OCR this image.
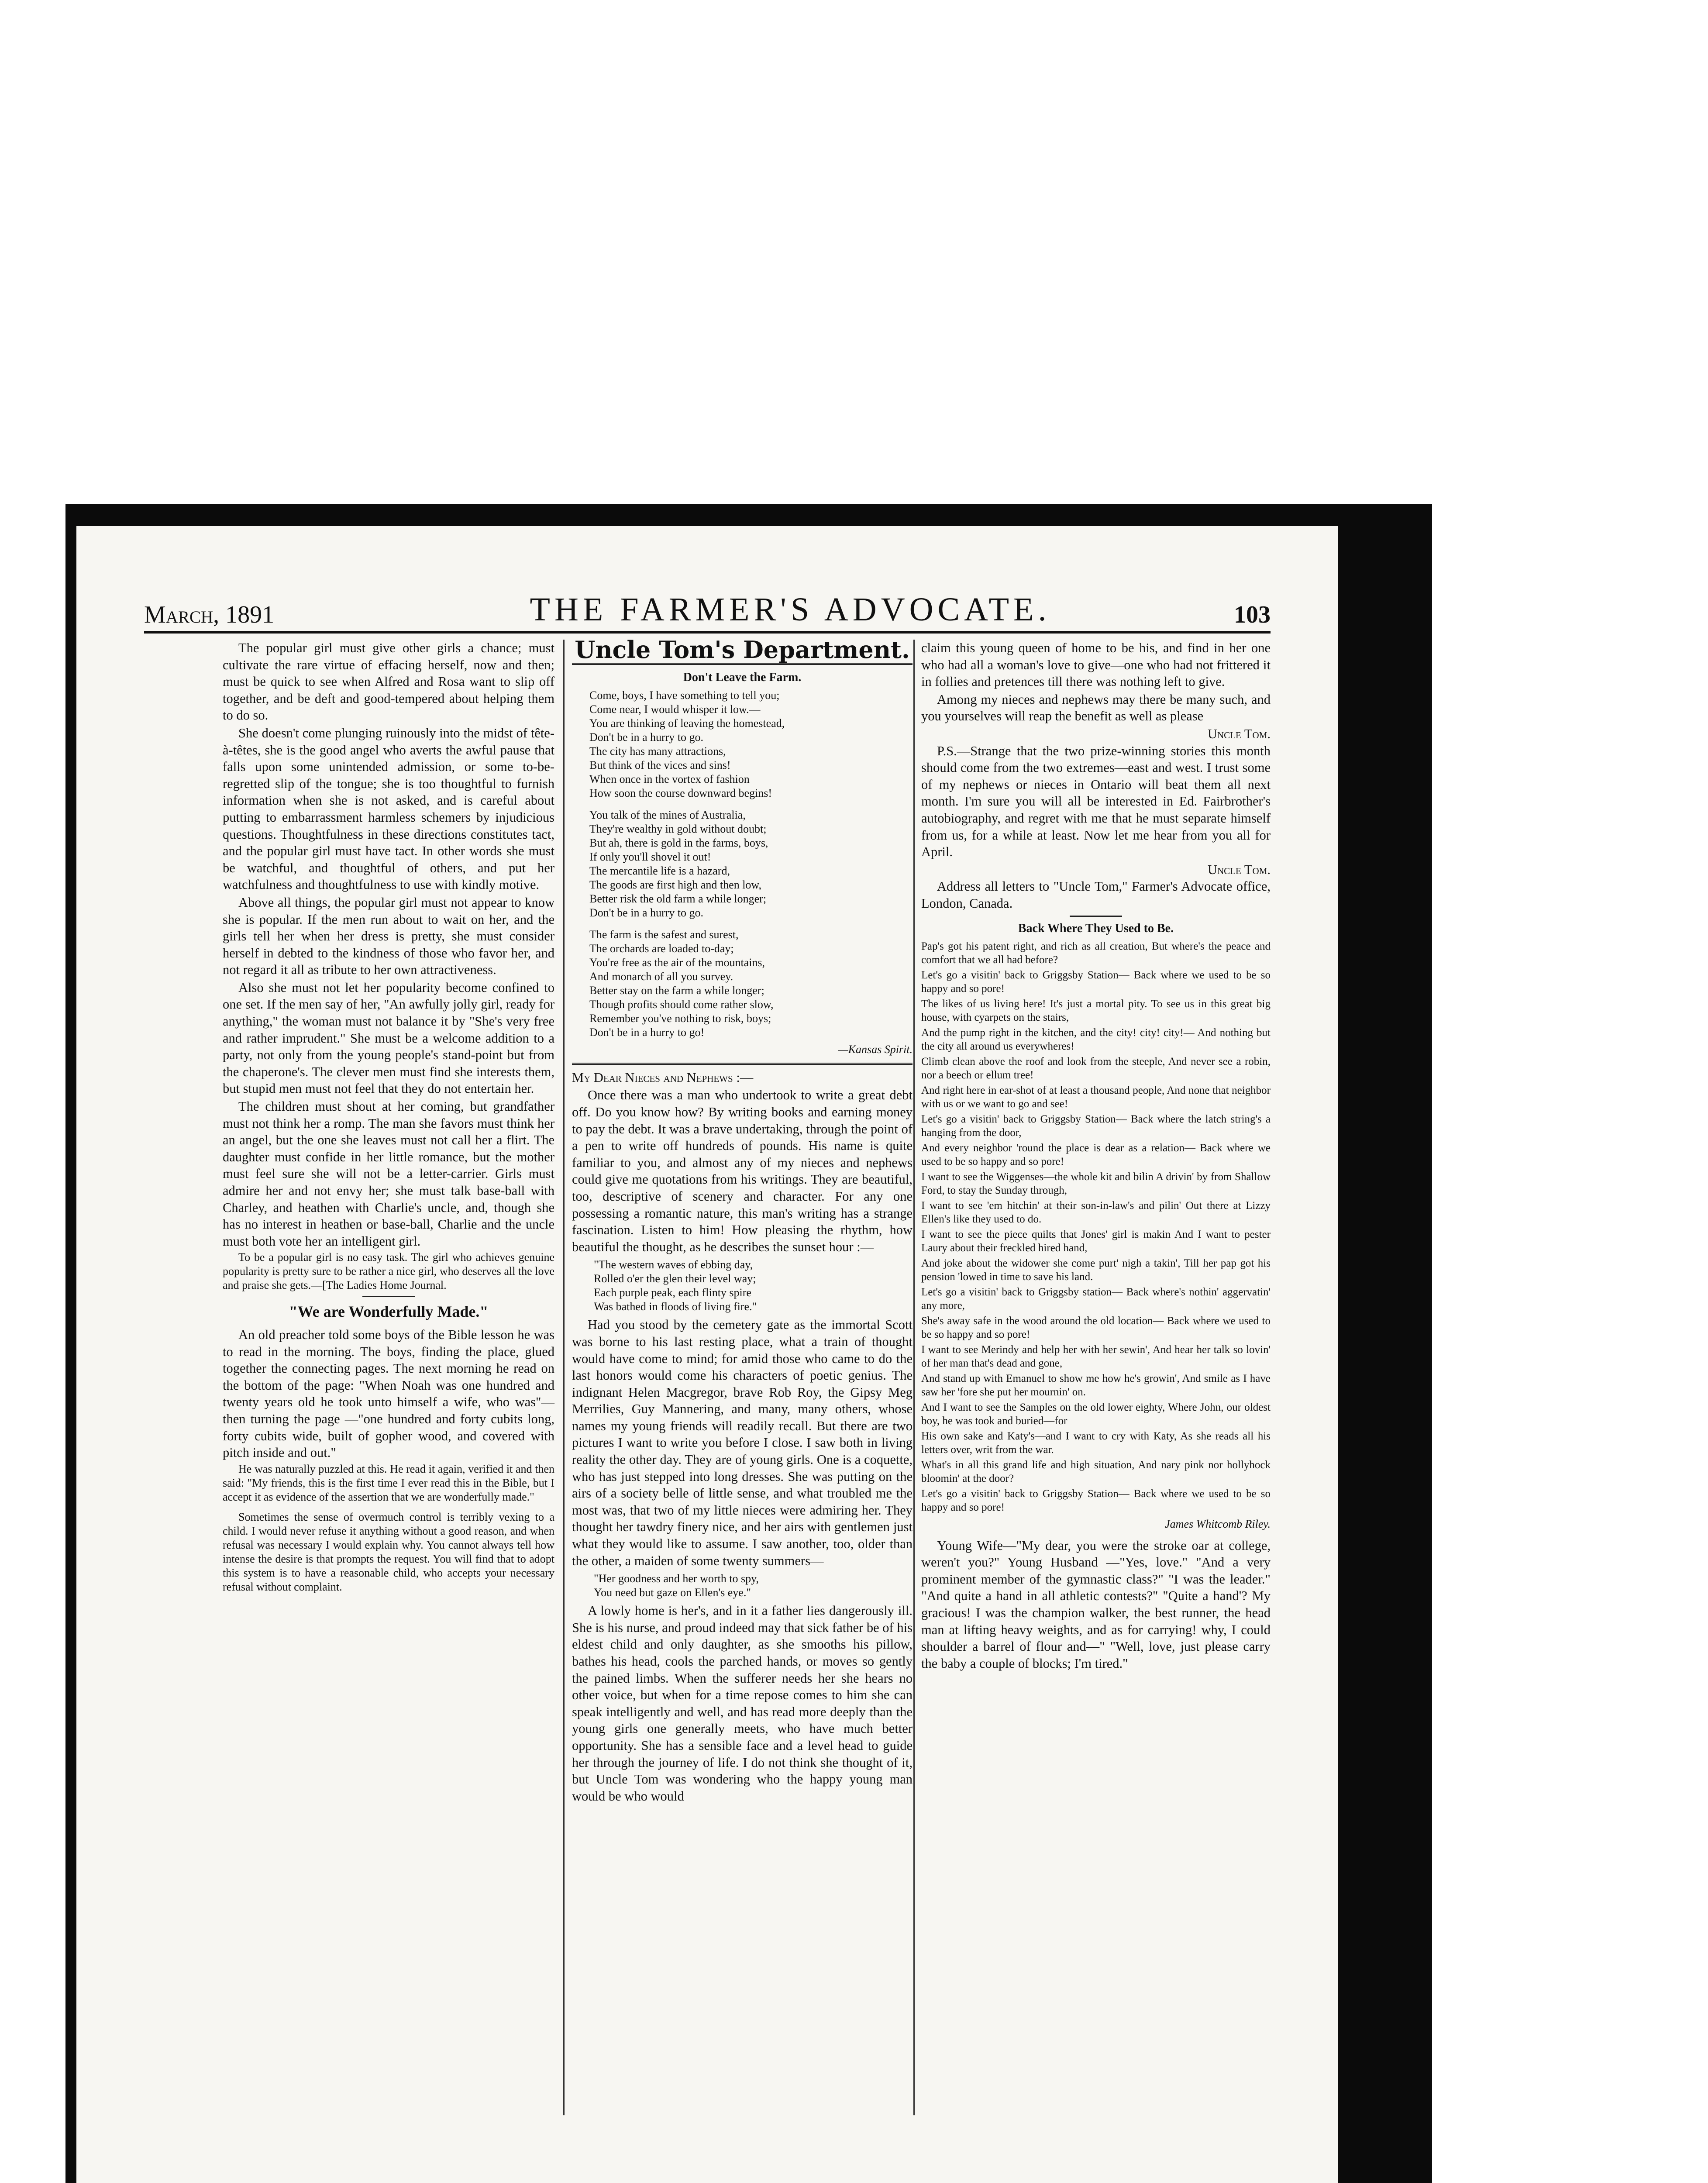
March, 1891	THE FARMER'S ADVOCATE.	103

The popular girl must give other girls a chance; must cultivate the rare virtue of effacing herself, now and then; must be quick to see when Alfred and Rosa want to slip off together, and be deft and good-tempered about helping them to do so.

She doesn't come plunging ruinously into the midst of tête-à-têtes, she is the good angel who averts the awful pause that falls upon some unintended admission, or some to-be-regretted slip of the tongue; she is too thoughtful to furnish information when she is not asked, and is careful about putting to embarrassment harmless schemers by injudicious questions. Thoughtfulness in these directions constitutes tact, and the popular girl must have tact. In other words she must be watchful, and thoughtful of others, and put her watchfulness and thoughtfulness to use with kindly motive.

Above all things, the popular girl must not appear to know she is popular. If the men run about to wait on her, and the girls tell her when her dress is pretty, she must consider herself in debted to the kindness of those who favor her, and not regard it all as tribute to her own attractiveness.

Also she must not let her popularity become confined to one set. If the men say of her, "An awfully jolly girl, ready for anything," the woman must not balance it by "She's very free and rather imprudent." She must be a welcome addition to a party, not only from the young people's stand-point but from the chaperone's. The clever men must find she interests them, but stupid men must not feel that they do not entertain her.

The children must shout at her coming, but grandfather must not think her a romp. The man she favors must think her an angel, but the one she leaves must not call her a flirt. The daughter must confide in her little romance, but the mother must feel sure she will not be a letter-carrier. Girls must admire her and not envy her; she must talk base-ball with Charley, and heathen with Charlie's uncle, and, though she has no interest in heathen or base-ball, Charlie and the uncle must both vote her an intelligent girl.

To be a popular girl is no easy task. The girl who achieves genuine popularity is pretty sure to be rather a nice girl, who deserves all the love and praise she gets.—[The Ladies Home Journal.

"We are Wonderfully Made."

An old preacher told some boys of the Bible lesson he was to read in the morning. The boys, finding the place, glued together the connecting pages. The next morning he read on the bottom of the page: "When Noah was one hundred and twenty years old he took unto himself a wife, who was"—then turning the page —"one hundred and forty cubits long, forty cubits wide, built of gopher wood, and covered with pitch inside and out."

He was naturally puzzled at this. He read it again, verified it and then said: "My friends, this is the first time I ever read this in the Bible, but I accept it as evidence of the assertion that we are wonderfully made."

Sometimes the sense of overmuch control is terribly vexing to a child. I would never refuse it anything without a good reason, and when refusal was necessary I would explain why. You cannot always tell how intense the desire is that prompts the request. You will find that to adopt this system is to have a reasonable child, who accepts your necessary refusal without complaint.

Uncle Tom's Department.
Don't Leave the Farm.
Come, boys, I have something to tell you;
Come near, I would whisper it low.—
You are thinking of leaving the homestead,
Don't be in a hurry to go.
The city has many attractions,
But think of the vices and sins!
When once in the vortex of fashion
How soon the course downward begins!
You talk of the mines of Australia,
They're wealthy in gold without doubt;
But ah, there is gold in the farms, boys,
If only you'll shovel it out!
The mercantile life is a hazard,
The goods are first high and then low,
Better risk the old farm a while longer;
Don't be in a hurry to go.
The farm is the safest and surest,
The orchards are loaded to-day;
You're free as the air of the mountains,
And monarch of all you survey.
Better stay on the farm a while longer;
Though profits should come rather slow,
Remember you've nothing to risk, boys;
Don't be in a hurry to go!
—Kansas Spirit.

My Dear Nieces and Nephews :—

Once there was a man who undertook to write a great debt off. Do you know how? By writing books and earning money to pay the debt. It was a brave undertaking, through the point of a pen to write off hundreds of pounds. His name is quite familiar to you, and almost any of my nieces and nephews could give me quotations from his writings. They are beautiful, too, descriptive of scenery and character. For any one possessing a romantic nature, this man's writing has a strange fascination. Listen to him! How pleasing the rhythm, how beautiful the thought, as he describes the sunset hour :—

"The western waves of ebbing day,
Rolled o'er the glen their level way;
Each purple peak, each flinty spire
Was bathed in floods of living fire."

Had you stood by the cemetery gate as the immortal Scott was borne to his last resting place, what a train of thought would have come to mind; for amid those who came to do the last honors would come his characters of poetic genius. The indignant Helen Macgregor, brave Rob Roy, the Gipsy Meg Merrilies, Guy Mannering, and many, many others, whose names my young friends will readily recall. But there are two pictures I want to write you before I close. I saw both in living reality the other day. They are of young girls. One is a coquette, who has just stepped into long dresses. She was putting on the airs of a society belle of little sense, and what troubled me the most was, that two of my little nieces were admiring her. They thought her tawdry finery nice, and her airs with gentlemen just what they would like to assume. I saw another, too, older than the other, a maiden of some twenty summers—

"Her goodness and her worth to spy,
You need but gaze on Ellen's eye."

A lowly home is her's, and in it a father lies dangerously ill. She is his nurse, and proud indeed may that sick father be of his eldest child and only daughter, as she smooths his pillow, bathes his head, cools the parched hands, or moves so gently the pained limbs. When the sufferer needs her she hears no other voice, but when for a time repose comes to him she can speak intelligently and well, and has read more deeply than the young girls one generally meets, who have much better opportunity. She has a sensible face and a level head to guide her through the journey of life. I do not think she thought of it, but Uncle Tom was wondering who the happy young man would be who would

claim this young queen of home to be his, and find in her one who had all a woman's love to give—one who had not frittered it in follies and pretences till there was nothing left to give.

Among my nieces and nephews may there be many such, and you yourselves will reap the benefit as well as please

Uncle Tom.

P.S.—Strange that the two prize-winning stories this month should come from the two extremes—east and west. I trust some of my nephews or nieces in Ontario will beat them all next month. I'm sure you will all be interested in Ed. Fairbrother's autobiography, and regret with me that he must separate himself from us, for a while at least. Now let me hear from you all for April.

Uncle Tom.

Address all letters to "Uncle Tom," Farmer's Advocate office, London, Canada.

Back Where They Used to Be.
Pap's got his patent right, and rich as all creation, But where's the peace and comfort that we all had before?
Let's go a visitin' back to Griggsby Station— Back where we used to be so happy and so pore!
The likes of us living here! It's just a mortal pity. To see us in this great big house, with cyarpets on the stairs,
And the pump right in the kitchen, and the city! city! city!— And nothing but the city all around us everywheres!
Climb clean above the roof and look from the steeple, And never see a robin, nor a beech or ellum tree!
And right here in ear-shot of at least a thousand people, And none that neighbor with us or we want to go and see!
Let's go a visitin' back to Griggsby Station— Back where the latch string's a hanging from the door,
And every neighbor 'round the place is dear as a relation— Back where we used to be so happy and so pore!
I want to see the Wiggenses—the whole kit and bilin A drivin' by from Shallow Ford, to stay the Sunday through,
I want to see 'em hitchin' at their son-in-law's and pilin' Out there at Lizzy Ellen's like they used to do.
I want to see the piece quilts that Jones' girl is makin And I want to pester Laury about their freckled hired hand,
And joke about the widower she come purt' nigh a takin', Till her pap got his pension 'lowed in time to save his land.
Let's go a visitin' back to Griggsby station— Back where's nothin' aggervatin' any more,
She's away safe in the wood around the old location— Back where we used to be so happy and so pore!
I want to see Merindy and help her with her sewin', And hear her talk so lovin' of her man that's dead and gone,
And stand up with Emanuel to show me how he's growin', And smile as I have saw her 'fore she put her mournin' on.
And I want to see the Samples on the old lower eighty, Where John, our oldest boy, he was took and buried—for
His own sake and Katy's—and I want to cry with Katy, As she reads all his letters over, writ from the war.
What's in all this grand life and high situation, And nary pink nor hollyhock bloomin' at the door?
Let's go a visitin' back to Griggsby Station— Back where we used to be so happy and so pore!
James Whitcomb Riley.

Young Wife—"My dear, you were the stroke oar at college, weren't you?" Young Husband —"Yes, love." "And a very prominent member of the gymnastic class?" "I was the leader." "And quite a hand in all athletic contests?" "Quite a hand'? My gracious! I was the champion walker, the best runner, the head man at lifting heavy weights, and as for carrying! why, I could shoulder a barrel of flour and—" "Well, love, just please carry the baby a couple of blocks; I'm tired."
